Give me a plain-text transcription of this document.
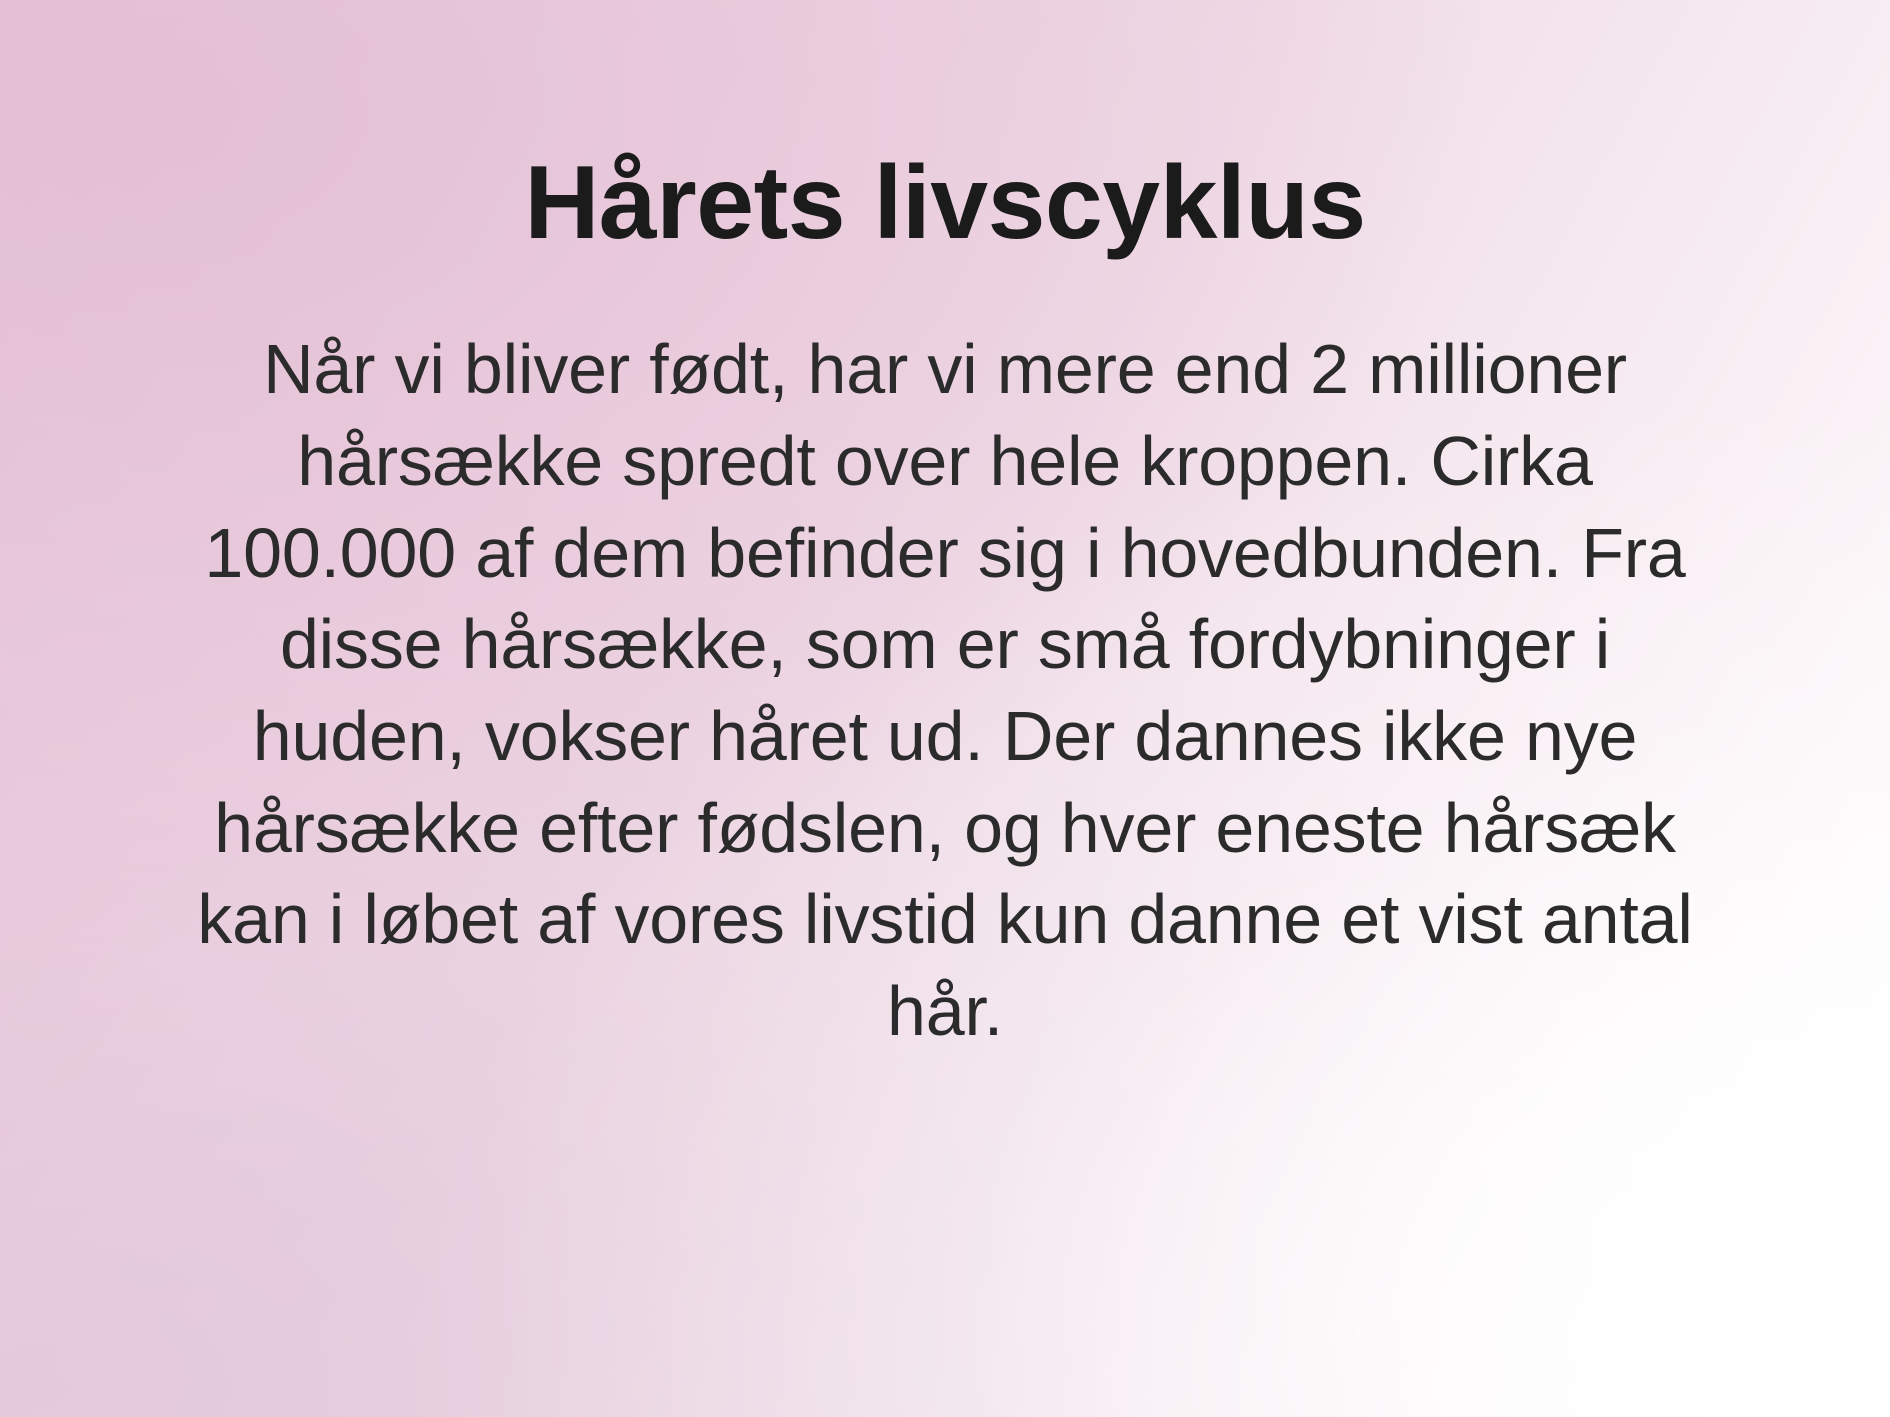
Hårets livscyklus

Når vi bliver født, har vi mere end 2 millioner hårsække spredt over hele kroppen. Cirka 100.000 af dem befinder sig i hovedbunden. Fra disse hårsække, som er små fordybninger i huden, vokser håret ud. Der dannes ikke nye hårsække efter fødslen, og hver eneste hårsæk kan i løbet af vores livstid kun danne et vist antal hår.
